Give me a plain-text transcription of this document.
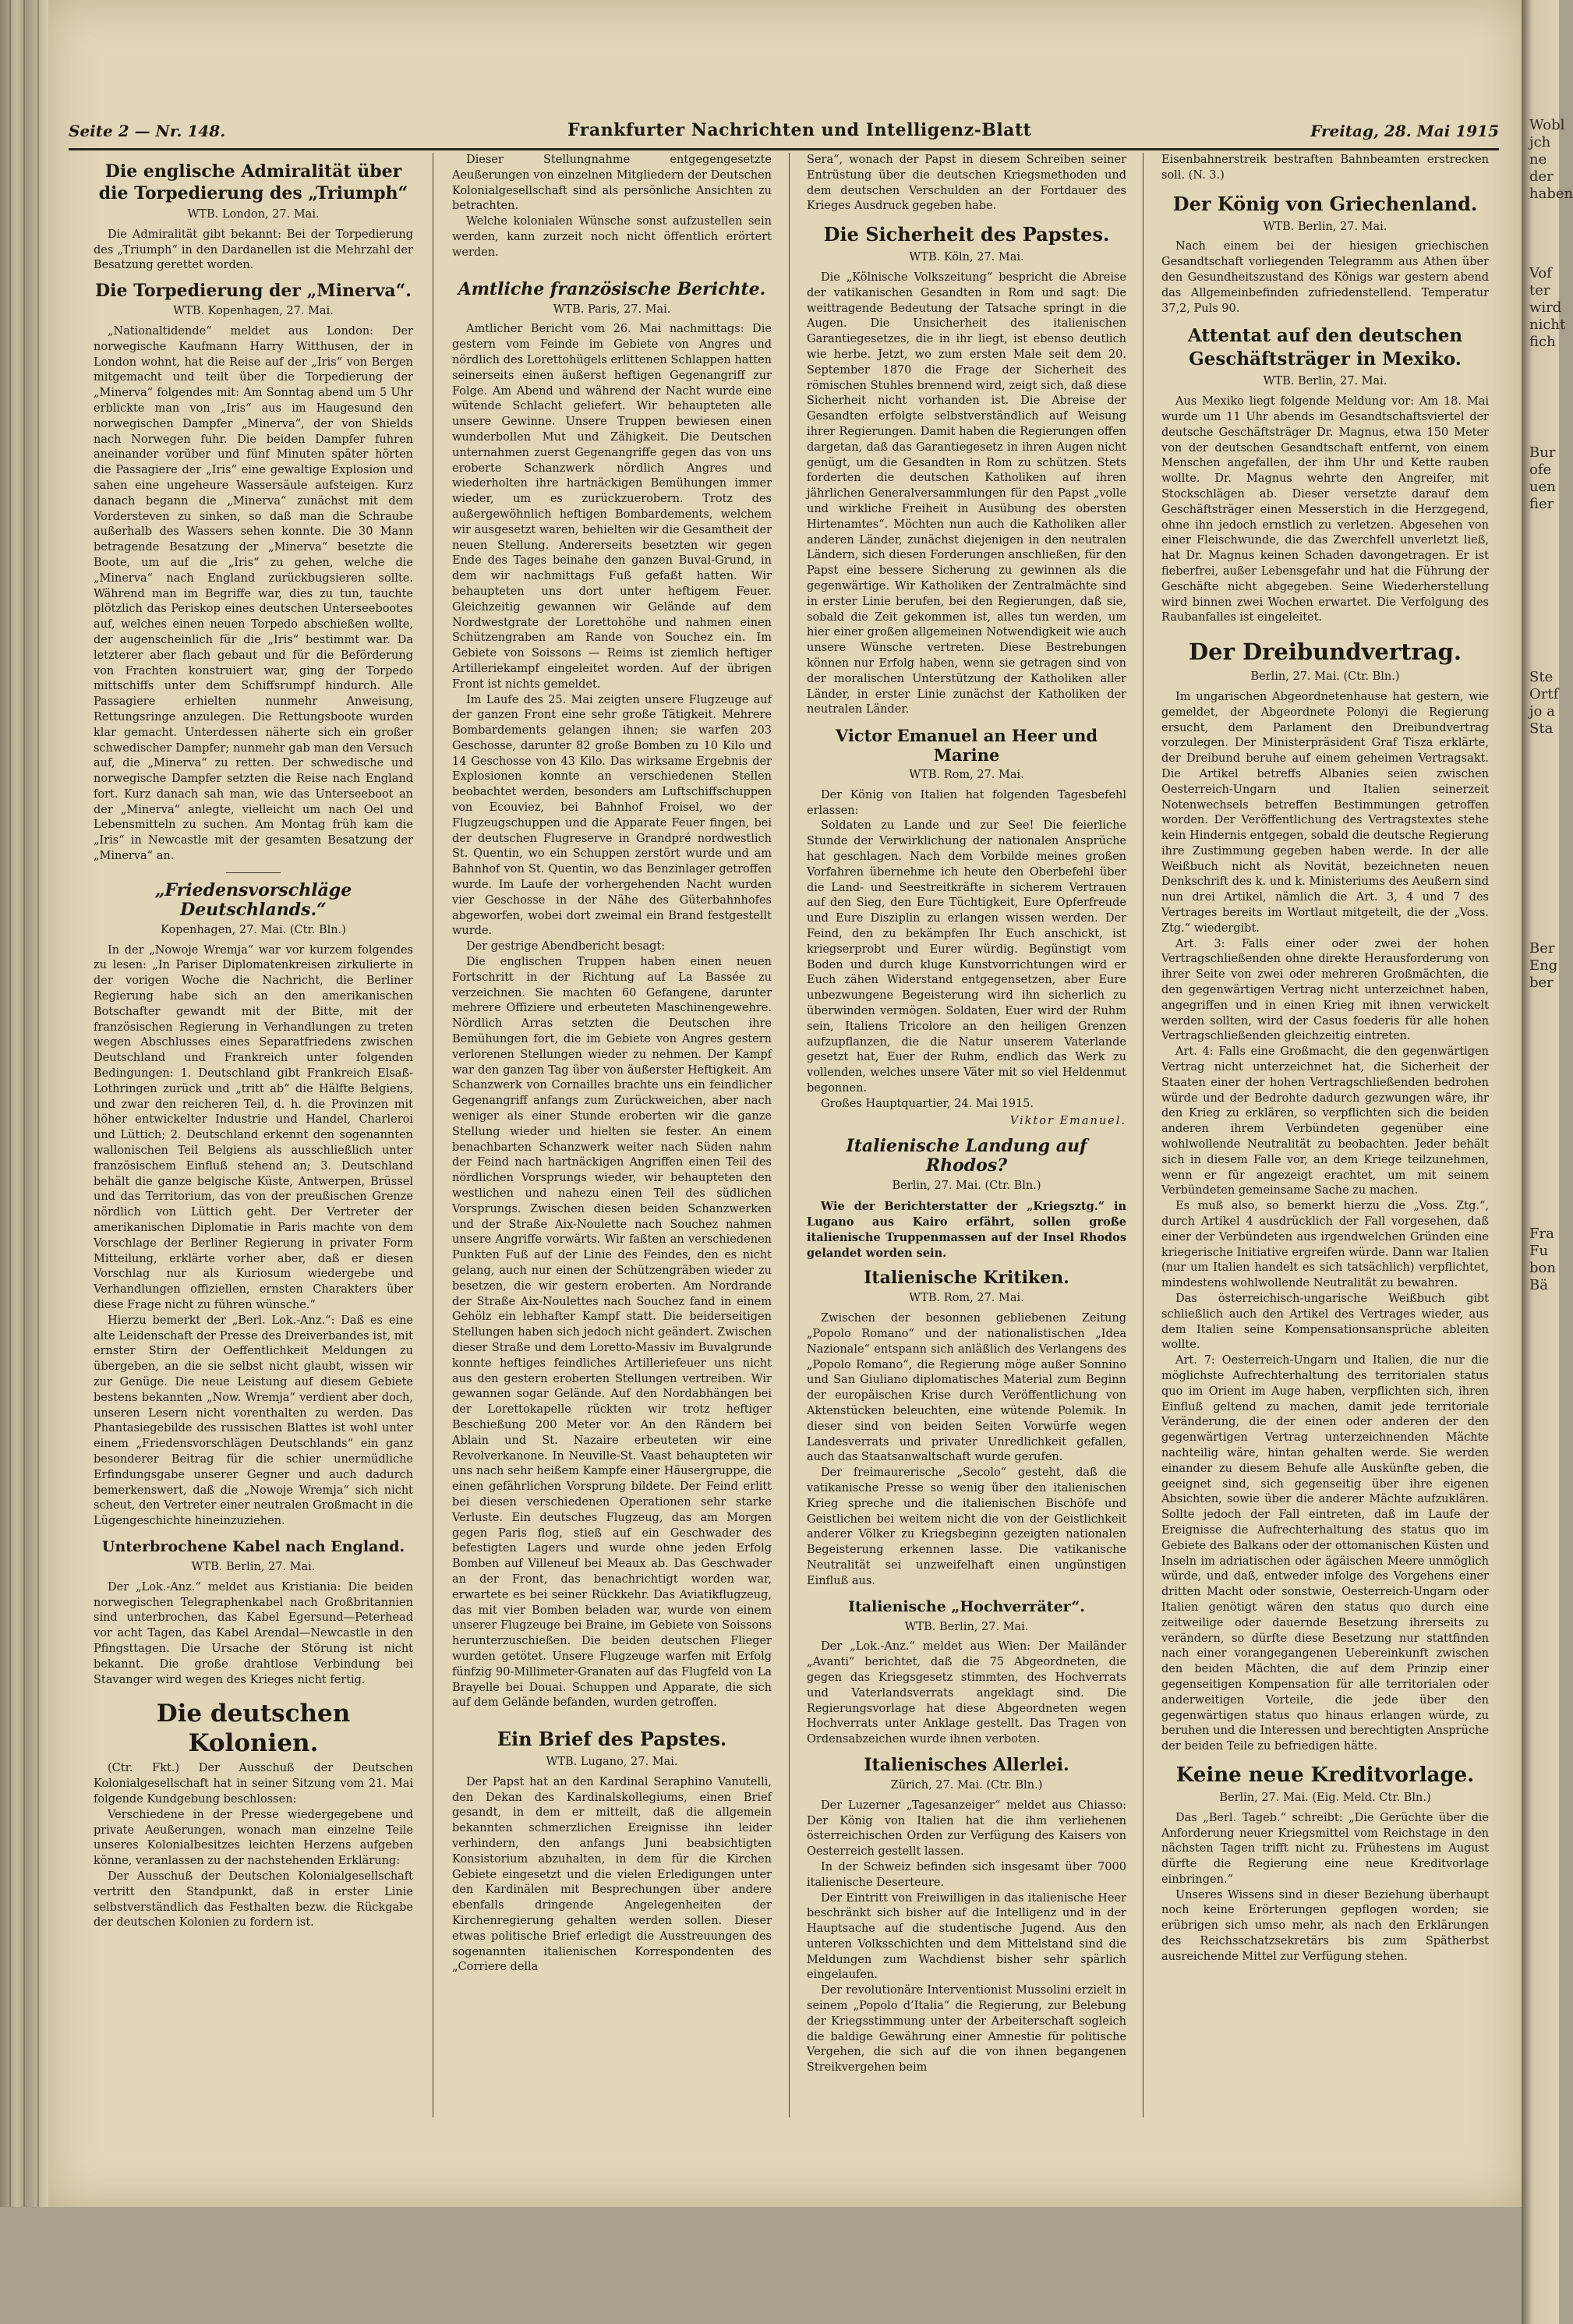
Wobl
jch
ne
der
haben
Vof
ter
wird
nicht
fich
Bur
ofe
uen
fier
Ste
Ortf
jo a
Sta
Ber
Eng
ber
Fra
Fu
bon
Bä
Seite 2 — Nr. 148.	Frankfurter Nachrichten und Intelligenz-Blatt	Freitag, 28. Mai 1915
Die englische Admiralität über die Torpedierung des „Triumph“
WTB. London, 27. Mai.

Die Admiralität gibt bekannt: Bei der Torpedierung des „Triumph“ in den Dardanellen ist die Mehrzahl der Besatzung gerettet worden.

Die Torpedierung der „Minerva“.
WTB. Kopenhagen, 27. Mai.

„Nationaltidende“ meldet aus London: Der norwegische Kaufmann Harry Witthusen, der in London wohnt, hat die Reise auf der „Iris“ von Bergen mitgemacht und teilt über die Torpedierung der „Minerva“ folgendes mit: Am Sonntag abend um 5 Uhr erblickte man von „Iris“ aus im Haugesund den norwegischen Dampfer „Minerva“, der von Shields nach Norwegen fuhr. Die beiden Dampfer fuhren aneinander vorüber und fünf Minuten später hörten die Passagiere der „Iris“ eine gewaltige Explosion und sahen eine ungeheure Wassersäule aufsteigen. Kurz danach begann die „Minerva“ zunächst mit dem Vordersteven zu sinken, so daß man die Schraube außerhalb des Wassers sehen konnte. Die 30 Mann betragende Besatzung der „Minerva“ besetzte die Boote, um auf die „Iris“ zu gehen, welche die „Minerva“ nach England zurückbugsieren sollte. Während man im Begriffe war, dies zu tun, tauchte plötzlich das Periskop eines deutschen Unterseebootes auf, welches einen neuen Torpedo abschießen wollte, der augenscheinlich für die „Iris“ bestimmt war. Da letzterer aber flach gebaut und für die Beförderung von Frachten konstruiert war, ging der Torpedo mittschiffs unter dem Schiffsrumpf hindurch. Alle Passagiere erhielten nunmehr Anweisung, Rettungsringe anzulegen. Die Rettungsboote wurden klar gemacht. Unterdessen näherte sich ein großer schwedischer Dampfer; nunmehr gab man den Versuch auf, die „Minerva“ zu retten. Der schwedische und norwegische Dampfer setzten die Reise nach England fort. Kurz danach sah man, wie das Unterseeboot an der „Minerva“ anlegte, vielleicht um nach Oel und Lebensmitteln zu suchen. Am Montag früh kam die „Iris“ in Newcastle mit der gesamten Besatzung der „Minerva“ an.

„Friedensvorschläge Deutschlands.“
Kopenhagen, 27. Mai. (Ctr. Bln.)

In der „Nowoje Wremja“ war vor kurzem folgendes zu lesen: „In Pariser Diplomatenkreisen zirkulierte in der vorigen Woche die Nachricht, die Berliner Regierung habe sich an den amerikanischen Botschafter gewandt mit der Bitte, mit der französischen Regierung in Verhandlungen zu treten wegen Abschlusses eines Separatfriedens zwischen Deutschland und Frankreich unter folgenden Bedingungen: 1. Deutschland gibt Frankreich Elsaß-Lothringen zurück und „tritt ab“ die Hälfte Belgiens, und zwar den reicheren Teil, d. h. die Provinzen mit höher entwickelter Industrie und Handel, Charleroi und Lüttich; 2. Deutschland erkennt den sogenannten wallonischen Teil Belgiens als ausschließlich unter französischem Einfluß stehend an; 3. Deutschland behält die ganze belgische Küste, Antwerpen, Brüssel und das Territorium, das von der preußischen Grenze nördlich von Lüttich geht. Der Vertreter der amerikanischen Diplomatie in Paris machte von dem Vorschlage der Berliner Regierung in privater Form Mitteilung, erklärte vorher aber, daß er diesen Vorschlag nur als Kuriosum wiedergebe und Verhandlungen offiziellen, ernsten Charakters über diese Frage nicht zu führen wünsche.“

Hierzu bemerkt der „Berl. Lok.-Anz.“: Daß es eine alte Leidenschaft der Presse des Dreiverbandes ist, mit ernster Stirn der Oeffentlichkeit Meldungen zu übergeben, an die sie selbst nicht glaubt, wissen wir zur Genüge. Die neue Leistung auf diesem Gebiete bestens bekannten „Now. Wremja“ verdient aber doch, unseren Lesern nicht vorenthalten zu werden. Das Phantasiegebilde des russischen Blattes ist wohl unter einem „Friedensvorschlägen Deutschlands“ ein ganz besonderer Beitrag für die schier unermüdliche Erfindungsgabe unserer Gegner und auch dadurch bemerkenswert, daß die „Nowoje Wremja“ sich nicht scheut, den Vertreter einer neutralen Großmacht in die Lügengeschichte hineinzuziehen.

Unterbrochene Kabel nach England.
WTB. Berlin, 27. Mai.

Der „Lok.-Anz.“ meldet aus Kristiania: Die beiden norwegischen Telegraphenkabel nach Großbritannien sind unterbrochen, das Kabel Egersund—Peterhead vor acht Tagen, das Kabel Arendal—Newcastle in den Pfingsttagen. Die Ursache der Störung ist nicht bekannt. Die große drahtlose Verbindung bei Stavanger wird wegen des Krieges nicht fertig.

Die deutschen Kolonien.

(Ctr. Fkt.) Der Ausschuß der Deutschen Kolonialgesellschaft hat in seiner Sitzung vom 21. Mai folgende Kundgebung beschlossen:

Verschiedene in der Presse wiedergegebene und private Aeußerungen, wonach man einzelne Teile unseres Kolonialbesitzes leichten Herzens aufgeben könne, veranlassen zu der nachstehenden Erklärung:

Der Ausschuß der Deutschen Kolonialgesellschaft vertritt den Standpunkt, daß in erster Linie selbstverständlich das Festhalten bezw. die Rückgabe der deutschen Kolonien zu fordern ist.

Dieser Stellungnahme entgegengesetzte Aeußerungen von einzelnen Mitgliedern der Deutschen Kolonialgesellschaft sind als persönliche Ansichten zu betrachten.

Welche kolonialen Wünsche sonst aufzustellen sein werden, kann zurzeit noch nicht öffentlich erörtert werden.

Amtliche französische Berichte.
WTB. Paris, 27. Mai.

Amtlicher Bericht vom 26. Mai nachmittags: Die gestern vom Feinde im Gebiete von Angres und nördlich des Lorettohügels erlittenen Schlappen hatten seinerseits einen äußerst heftigen Gegenangriff zur Folge. Am Abend und während der Nacht wurde eine wütende Schlacht geliefert. Wir behaupteten alle unsere Gewinne. Unsere Truppen bewiesen einen wunderbollen Mut und Zähigkeit. Die Deutschen unternahmen zuerst Gegenangriffe gegen das von uns eroberte Schanzwerk nördlich Angres und wiederholten ihre hartnäckigen Bemühungen immer wieder, um es zurückzuerobern. Trotz des außergewöhnlich heftigen Bombardements, welchem wir ausgesetzt waren, behielten wir die Gesamtheit der neuen Stellung. Andererseits besetzten wir gegen Ende des Tages beinahe den ganzen Buval-Grund, in dem wir nachmittags Fuß gefaßt hatten. Wir behaupteten uns dort unter heftigem Feuer. Gleichzeitig gewannen wir Gelände auf dem Nordwestgrate der Lorettohöhe und nahmen einen Schützengraben am Rande von Souchez ein. Im Gebiete von Soissons — Reims ist ziemlich heftiger Artilleriekampf eingeleitet worden. Auf der übrigen Front ist nichts gemeldet.

Im Laufe des 25. Mai zeigten unsere Flugzeuge auf der ganzen Front eine sehr große Tätigkeit. Mehrere Bombardements gelangen ihnen; sie warfen 203 Geschosse, darunter 82 große Bomben zu 10 Kilo und 14 Geschosse von 43 Kilo. Das wirksame Ergebnis der Explosionen konnte an verschiedenen Stellen beobachtet werden, besonders am Luftschiffschuppen von Ecouviez, bei Bahnhof Froisel, wo der Flugzeugschuppen und die Apparate Feuer fingen, bei der deutschen Flugreserve in Grandpré nordwestlich St. Quentin, wo ein Schuppen zerstört wurde und am Bahnhof von St. Quentin, wo das Benzinlager getroffen wurde. Im Laufe der vorhergehenden Nacht wurden vier Geschosse in der Nähe des Güterbahnhofes abgeworfen, wobei dort zweimal ein Brand festgestellt wurde.

Der gestrige Abendbericht besagt:

Die englischen Truppen haben einen neuen Fortschritt in der Richtung auf La Bassée zu verzeichnen. Sie machten 60 Gefangene, darunter mehrere Offiziere und erbeuteten Maschinengewehre. Nördlich Arras setzten die Deutschen ihre Bemühungen fort, die im Gebiete von Angres gestern verlorenen Stellungen wieder zu nehmen. Der Kampf war den ganzen Tag über von äußerster Heftigkeit. Am Schanzwerk von Cornailles brachte uns ein feindlicher Gegenangriff anfangs zum Zurückweichen, aber nach weniger als einer Stunde eroberten wir die ganze Stellung wieder und hielten sie fester. An einem benachbarten Schanzwerk weiter nach Süden nahm der Feind nach hartnäckigen Angriffen einen Teil des nördlichen Vorsprungs wieder, wir behaupteten den westlichen und nahezu einen Teil des südlichen Vorsprungs. Zwischen diesen beiden Schanzwerken und der Straße Aix-Noulette nach Souchez nahmen unsere Angriffe vorwärts. Wir faßten an verschiedenen Punkten Fuß auf der Linie des Feindes, den es nicht gelang, auch nur einen der Schützengräben wieder zu besetzen, die wir gestern eroberten. Am Nordrande der Straße Aix-Noulettes nach Souchez fand in einem Gehölz ein lebhafter Kampf statt. Die beiderseitigen Stellungen haben sich jedoch nicht geändert. Zwischen dieser Straße und dem Loretto-Massiv im Buvalgrunde konnte heftiges feindliches Artilleriefeuer uns nicht aus den gestern eroberten Stellungen vertreiben. Wir gewannen sogar Gelände. Auf den Nordabhängen bei der Lorettokapelle rückten wir trotz heftiger Beschießung 200 Meter vor. An den Rändern bei Ablain und St. Nazaire erbeuteten wir eine Revolverkanone. In Neuville-St. Vaast behaupteten wir uns nach sehr heißem Kampfe einer Häusergruppe, die einen gefährlichen Vorsprung bildete. Der Feind erlitt bei diesen verschiedenen Operationen sehr starke Verluste. Ein deutsches Flugzeug, das am Morgen gegen Paris flog, stieß auf ein Geschwader des befestigten Lagers und wurde ohne jeden Erfolg Bomben auf Villeneuf bei Meaux ab. Das Geschwader an der Front, das benachrichtigt worden war, erwartete es bei seiner Rückkehr. Das Aviatikflugzeug, das mit vier Bomben beladen war, wurde von einem unserer Flugzeuge bei Braine, im Gebiete von Soissons herunterzuschießen. Die beiden deutschen Flieger wurden getötet. Unsere Flugzeuge warfen mit Erfolg fünfzig 90-Millimeter-Granaten auf das Flugfeld von La Brayelle bei Douai. Schuppen und Apparate, die sich auf dem Gelände befanden, wurden getroffen.

Ein Brief des Papstes.
WTB. Lugano, 27. Mai.

Der Papst hat an den Kardinal Seraphino Vanutelli, den Dekan des Kardinalskollegiums, einen Brief gesandt, in dem er mitteilt, daß die allgemein bekannten schmerzlichen Ereignisse ihn leider verhindern, den anfangs Juni beabsichtigten Konsistorium abzuhalten, in dem für die Kirchen Gebiete eingesetzt und die vielen Erledigungen unter den Kardinälen mit Besprechungen über andere ebenfalls dringende Angelegenheiten der Kirchenregierung gehalten werden sollen. Dieser etwas politische Brief erledigt die Ausstreuungen des sogenannten italienischen Korrespondenten des „Corriere della

Sera“, wonach der Papst in diesem Schreiben seiner Entrüstung über die deutschen Kriegsmethoden und dem deutschen Verschulden an der Fortdauer des Krieges Ausdruck gegeben habe.

Die Sicherheit des Papstes.
WTB. Köln, 27. Mai.

Die „Kölnische Volkszeitung“ bespricht die Abreise der vatikanischen Gesandten in Rom und sagt: Die weittragende Bedeutung der Tatsache springt in die Augen. Die Unsicherheit des italienischen Garantiegesetzes, die in ihr liegt, ist ebenso deutlich wie herbe. Jetzt, wo zum ersten Male seit dem 20. September 1870 die Frage der Sicherheit des römischen Stuhles brennend wird, zeigt sich, daß diese Sicherheit nicht vorhanden ist. Die Abreise der Gesandten erfolgte selbstverständlich auf Weisung ihrer Regierungen. Damit haben die Regierungen offen dargetan, daß das Garantiegesetz in ihren Augen nicht genügt, um die Gesandten in Rom zu schützen. Stets forderten die deutschen Katholiken auf ihren jährlichen Generalversammlungen für den Papst „volle und wirkliche Freiheit in Ausübung des obersten Hirtenamtes“. Möchten nun auch die Katholiken aller anderen Länder, zunächst diejenigen in den neutralen Ländern, sich diesen Forderungen anschließen, für den Papst eine bessere Sicherung zu gewinnen als die gegenwärtige. Wir Katholiken der Zentralmächte sind in erster Linie berufen, bei den Regierungen, daß sie, sobald die Zeit gekommen ist, alles tun werden, um hier einer großen allgemeinen Notwendigkeit wie auch unsere Wünsche vertreten. Diese Bestrebungen können nur Erfolg haben, wenn sie getragen sind von der moralischen Unterstützung der Katholiken aller Länder, in erster Linie zunächst der Katholiken der neutralen Länder.

Victor Emanuel an Heer und Marine
WTB. Rom, 27. Mai.

Der König von Italien hat folgenden Tagesbefehl erlassen:

Soldaten zu Lande und zur See! Die feierliche Stunde der Verwirklichung der nationalen Ansprüche hat geschlagen. Nach dem Vorbilde meines großen Vorfahren übernehme ich heute den Oberbefehl über die Land- und Seestreitkräfte in sicherem Vertrauen auf den Sieg, den Eure Tüchtigkeit, Eure Opferfreude und Eure Disziplin zu erlangen wissen werden. Der Feind, den zu bekämpfen Ihr Euch anschickt, ist kriegserprobt und Eurer würdig. Begünstigt vom Boden und durch kluge Kunstvorrichtungen wird er Euch zähen Widerstand entgegensetzen, aber Eure unbezwungene Begeisterung wird ihn sicherlich zu überwinden vermögen. Soldaten, Euer wird der Ruhm sein, Italiens Tricolore an den heiligen Grenzen aufzupflanzen, die die Natur unserem Vaterlande gesetzt hat, Euer der Ruhm, endlich das Werk zu vollenden, welches unsere Väter mit so viel Heldenmut begonnen.

Großes Hauptquartier, 24. Mai 1915.

Viktor Emanuel.
Italienische Landung auf Rhodos?
Berlin, 27. Mai. (Ctr. Bln.)

Wie der Berichterstatter der „Kriegsztg.“ in Lugano aus Kairo erfährt, sollen große italienische Truppenmassen auf der Insel Rhodos gelandet worden sein.

Italienische Kritiken.
WTB. Rom, 27. Mai.

Zwischen der besonnen gebliebenen Zeitung „Popolo Romano“ und der nationalistischen „Idea Nazionale“ entspann sich anläßlich des Verlangens des „Popolo Romano“, die Regierung möge außer Sonnino und San Giuliano diplomatisches Material zum Beginn der europäischen Krise durch Veröffentlichung von Aktenstücken beleuchten, eine wütende Polemik. In dieser sind von beiden Seiten Vorwürfe wegen Landesverrats und privater Unredlichkeit gefallen, auch das Staatsanwaltschaft wurde gerufen.

Der freimaurerische „Secolo“ gesteht, daß die vatikanische Presse so wenig über den italienischen Krieg spreche und die italienischen Bischöfe und Geistlichen bei weitem nicht die von der Geistlichkeit anderer Völker zu Kriegsbeginn gezeigten nationalen Begeisterung erkennen lasse. Die vatikanische Neutralität sei unzweifelhaft einen ungünstigen Einfluß aus.

Italienische „Hochverräter“.
WTB. Berlin, 27. Mai.

Der „Lok.-Anz.“ meldet aus Wien: Der Mailänder „Avanti“ berichtet, daß die 75 Abgeordneten, die gegen das Kriegsgesetz stimmten, des Hochverrats und Vaterlandsverrats angeklagt sind. Die Regierungsvorlage hat diese Abgeordneten wegen Hochverrats unter Anklage gestellt. Das Tragen von Ordensabzeichen wurde ihnen verboten.

Italienisches Allerlei.
Zürich, 27. Mai. (Ctr. Bln.)

Der Luzerner „Tagesanzeiger“ meldet aus Chiasso: Der König von Italien hat die ihm verliehenen österreichischen Orden zur Verfügung des Kaisers von Oesterreich gestellt lassen.

In der Schweiz befinden sich insgesamt über 7000 italienische Deserteure.

Der Eintritt von Freiwilligen in das italienische Heer beschränkt sich bisher auf die Intelligenz und in der Hauptsache auf die studentische Jugend. Aus den unteren Volksschichten und dem Mittelstand sind die Meldungen zum Wachdienst bisher sehr spärlich eingelaufen.

Der revolutionäre Interventionist Mussolini erzielt in seinem „Popolo d’Italia“ die Regierung, zur Belebung der Kriegsstimmung unter der Arbeiterschaft sogleich die baldige Gewährung einer Amnestie für politische Vergehen, die sich auf die von ihnen begangenen Streikvergehen beim

Eisenbahnerstreik bestraften Bahnbeamten erstrecken soll. (N. 3.)

Der König von Griechenland.
WTB. Berlin, 27. Mai.

Nach einem bei der hiesigen griechischen Gesandtschaft vorliegenden Telegramm aus Athen über den Gesundheitszustand des Königs war gestern abend das Allgemeinbefinden zufriedenstellend. Temperatur 37,2, Puls 90.

Attentat auf den deutschen Geschäftsträger in Mexiko.
WTB. Berlin, 27. Mai.

Aus Mexiko liegt folgende Meldung vor: Am 18. Mai wurde um 11 Uhr abends im Gesandtschaftsviertel der deutsche Geschäftsträger Dr. Magnus, etwa 150 Meter von der deutschen Gesandtschaft entfernt, von einem Menschen angefallen, der ihm Uhr und Kette rauben wollte. Dr. Magnus wehrte den Angreifer, mit Stockschlägen ab. Dieser versetzte darauf dem Geschäftsträger einen Messerstich in die Herzgegend, ohne ihn jedoch ernstlich zu verletzen. Abgesehen von einer Fleischwunde, die das Zwerchfell unverletzt ließ, hat Dr. Magnus keinen Schaden davongetragen. Er ist fieberfrei, außer Lebensgefahr und hat die Führung der Geschäfte nicht abgegeben. Seine Wiederherstellung wird binnen zwei Wochen erwartet. Die Verfolgung des Raubanfalles ist eingeleitet.

Der Dreibundvertrag.
Berlin, 27. Mai. (Ctr. Bln.)

Im ungarischen Abgeordnetenhause hat gestern, wie gemeldet, der Abgeordnete Polonyi die Regierung ersucht, dem Parlament den Dreibundvertrag vorzulegen. Der Ministerpräsident Graf Tisza erklärte, der Dreibund beruhe auf einem geheimen Vertragsakt. Die Artikel betreffs Albanies seien zwischen Oesterreich-Ungarn und Italien seinerzeit Notenwechsels betreffen Bestimmungen getroffen worden. Der Veröffentlichung des Vertragstextes stehe kein Hindernis entgegen, sobald die deutsche Regierung ihre Zustimmung gegeben haben werde. In der alle Weißbuch nicht als Novität, bezeichneten neuen Denkschrift des k. und k. Ministeriums des Aeußern sind nun drei Artikel, nämlich die Art. 3, 4 und 7 des Vertrages bereits im Wortlaut mitgeteilt, die der „Voss. Ztg.“ wiedergibt.

Art. 3: Falls einer oder zwei der hohen Vertragschließenden ohne direkte Herausforderung von ihrer Seite von zwei oder mehreren Großmächten, die den gegenwärtigen Vertrag nicht unterzeichnet haben, angegriffen und in einen Krieg mit ihnen verwickelt werden sollten, wird der Casus foederis für alle hohen Vertragschließenden gleichzeitig eintreten.

Art. 4: Falls eine Großmacht, die den gegenwärtigen Vertrag nicht unterzeichnet hat, die Sicherheit der Staaten einer der hohen Vertragschließenden bedrohen würde und der Bedrohte dadurch gezwungen wäre, ihr den Krieg zu erklären, so verpflichten sich die beiden anderen ihrem Verbündeten gegenüber eine wohlwollende Neutralität zu beobachten. Jeder behält sich in diesem Falle vor, an dem Kriege teilzunehmen, wenn er für angezeigt erachtet, um mit seinem Verbündeten gemeinsame Sache zu machen.

Es muß also, so bemerkt hierzu die „Voss. Ztg.“, durch Artikel 4 ausdrücklich der Fall vorgesehen, daß einer der Verbündeten aus irgendwelchen Gründen eine kriegerische Initiative ergreifen würde. Dann war Italien (nur um Italien handelt es sich tatsächlich) verpflichtet, mindestens wohlwollende Neutralität zu bewahren.

Das österreichisch-ungarische Weißbuch gibt schließlich auch den Artikel des Vertrages wieder, aus dem Italien seine Kompensationsansprüche ableiten wollte.

Art. 7: Oesterreich-Ungarn und Italien, die nur die möglichste Aufrechterhaltung des territorialen status quo im Orient im Auge haben, verpflichten sich, ihren Einfluß geltend zu machen, damit jede territoriale Veränderung, die der einen oder anderen der den gegenwärtigen Vertrag unterzeichnenden Mächte nachteilig wäre, hintan gehalten werde. Sie werden einander zu diesem Behufe alle Auskünfte geben, die geeignet sind, sich gegenseitig über ihre eigenen Absichten, sowie über die anderer Mächte aufzuklären. Sollte jedoch der Fall eintreten, daß im Laufe der Ereignisse die Aufrechterhaltung des status quo im Gebiete des Balkans oder der ottomanischen Küsten und Inseln im adriatischen oder ägäischen Meere unmöglich würde, und daß, entweder infolge des Vorgehens einer dritten Macht oder sonstwie, Oesterreich-Ungarn oder Italien genötigt wären den status quo durch eine zeitweilige oder dauernde Besetzung ihrerseits zu verändern, so dürfte diese Besetzung nur stattfinden nach einer vorangegangenen Uebereinkunft zwischen den beiden Mächten, die auf dem Prinzip einer gegenseitigen Kompensation für alle territorialen oder anderweitigen Vorteile, die jede über den gegenwärtigen status quo hinaus erlangen würde, zu beruhen und die Interessen und berechtigten Ansprüche der beiden Teile zu befriedigen hätte.

Keine neue Kreditvorlage.
Berlin, 27. Mai. (Eig. Meld. Ctr. Bln.)

Das „Berl. Tageb.“ schreibt: „Die Gerüchte über die Anforderung neuer Kriegsmittel vom Reichstage in den nächsten Tagen trifft nicht zu. Frühestens im August dürfte die Regierung eine neue Kreditvorlage einbringen.“

Unseres Wissens sind in dieser Beziehung überhaupt noch keine Erörterungen gepflogen worden; sie erübrigen sich umso mehr, als nach den Erklärungen des Reichsschatzsekretärs bis zum Spätherbst ausreichende Mittel zur Verfügung stehen.
